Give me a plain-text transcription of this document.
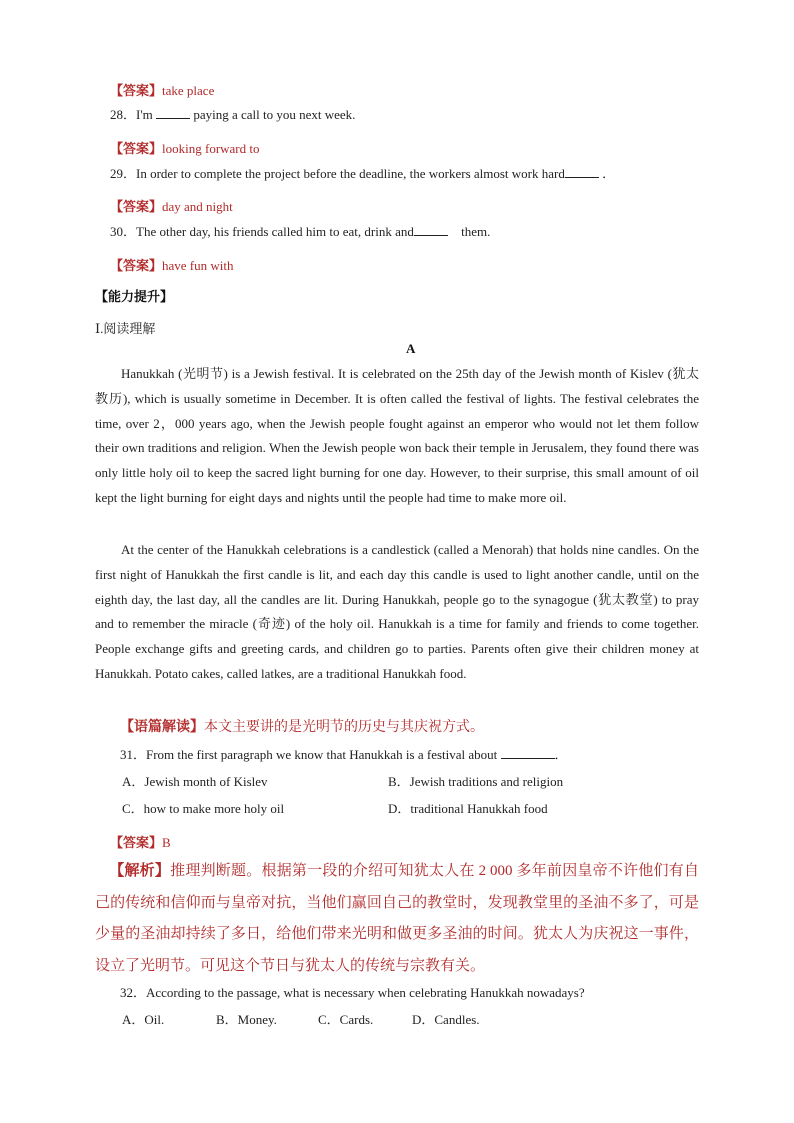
【答案】take place
28．I'm	paying a call to you next week.
【答案】looking forward to
29．In order to complete the project before the deadline, the workers almost work hard	．
【答案】day and night
30．The other day, his friends called him to eat, drink and	them.
【答案】have fun with
【能力提升】
Ⅰ.阅读理解
A
Hanukkah (光明节) is a Jewish festival. It is celebrated on the 25th day of the Jewish month of Kislev (犹太教历), which is usually sometime in December. It is often called the festival of lights. The festival celebrates the time, over 2，000 years ago, when the Jewish people fought against an emperor who would not let them follow their own traditions and religion. When the Jewish people won back their temple in Jerusalem, they found there was only little holy oil to keep the sacred light burning for one day. However, to their surprise, this small amount of oil kept the light burning for eight days and nights until the people had time to make more oil.
At the center of the Hanukkah celebrations is a candlestick (called a Menorah) that holds nine candles. On the first night of Hanukkah the first candle is lit, and each day this candle is used to light another candle, until on the eighth day, the last day, all the candles are lit. During Hanukkah, people go to the synagogue (犹太教堂) to pray and to remember the miracle (奇迹) of the holy oil. Hanukkah is a time for family and friends to come together. People exchange gifts and greeting cards, and children go to parties. Parents often give their children money at Hanukkah. Potato cakes, called latkes, are a traditional Hanukkah food.
【语篇解读】本文主要讲的是光明节的历史与其庆祝方式。
31．From the first paragraph we know that Hanukkah is a festival about	．
A．Jewish month of Kislev	B．Jewish traditions and religion
C．how to make more holy oil	D．traditional Hanukkah food
【答案】B
【解析】推理判断题。根据第一段的介绍可知犹太人在 2 000 多年前因皇帝不许他们有自己的传统和信仰而与皇帝对抗，当他们赢回自己的教堂时，发现教堂里的圣油不多了，可是少量的圣油却持续了多日，给他们带来光明和做更多圣油的时间。犹太人为庆祝这一事件，设立了光明节。可见这个节日与犹太人的传统与宗教有关。
32．According to the passage, what is necessary when celebrating Hanukkah nowadays?
A．Oil.	B．Money.	C．Cards.	D．Candles.
